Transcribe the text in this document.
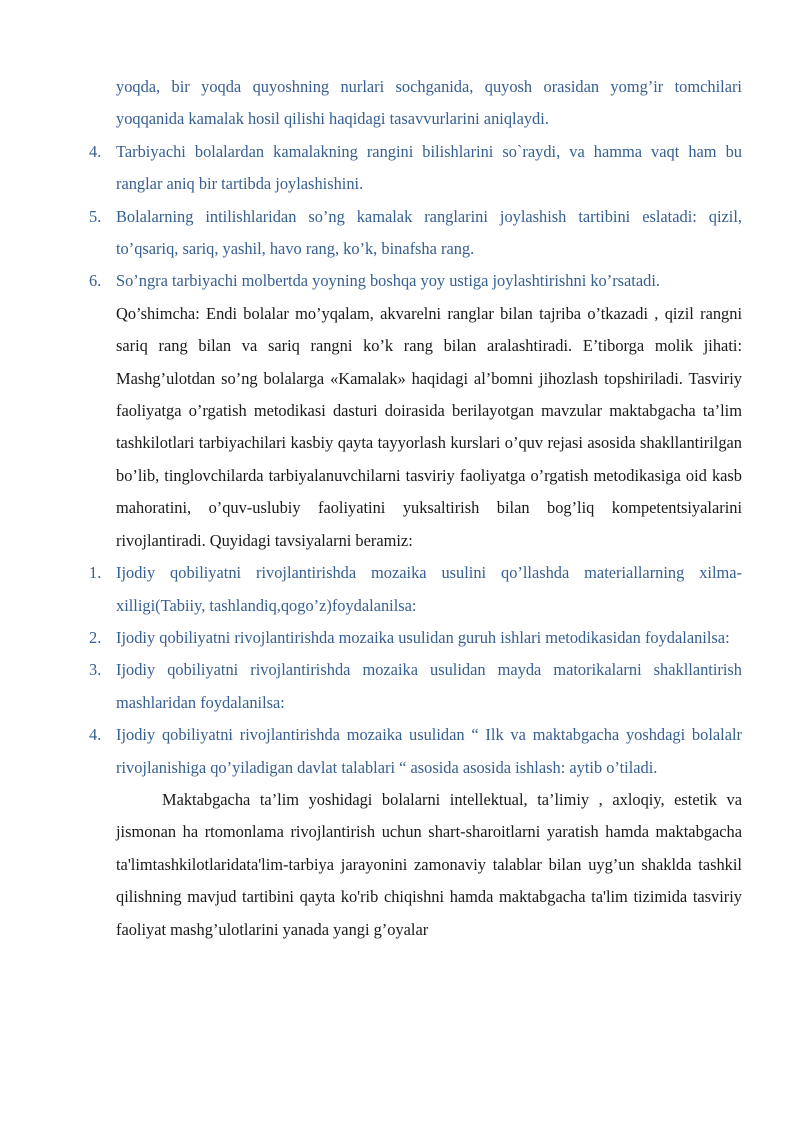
yoqda, bir yoqda quyoshning nurlari sochganida, quyosh orasidan yomg’ir tomchilari yoqqanida kamalak hosil qilishi haqidagi tasavvurlarini aniqlaydi.

4. Tarbiyachi bolalardan kamalakning rangini bilishlarini so`raydi, va hamma vaqt ham bu ranglar aniq bir tartibda joylashishini.

5. Bolalarning intilishlaridan so’ng kamalak ranglarini joylashish tartibini eslatadi: qizil, to’qsariq, sariq, yashil, havo rang, ko’k, binafsha rang.

6. So’ngra tarbiyachi molbertda yoyning boshqa yoy ustiga joylashtirishni ko’rsatadi.

Qo’shimcha: Endi bolalar mo’yqalam, akvarelni ranglar bilan tajriba o’tkazadi , qizil rangni sariq rang bilan va sariq rangni ko’k rang bilan aralashtiradi. E’tiborga molik jihati: Mashg’ulotdan so’ng bolalarga «Kamalak» haqidagi al’bomni jihozlash topshiriladi. Tasviriy faoliyatga o’rgatish metodikasi dasturi doirasida berilayotgan mavzular maktabgacha ta’lim tashkilotlari tarbiyachilari kasbiy qayta tayyorlash kurslari o’quv rejasi asosida shakllantirilgan bo’lib, tinglovchilarda tarbiyalanuvchilarni tasviriy faoliyatga o’rgatish metodikasiga oid kasb mahoratini, o’quv-uslubiy faoliyatini yuksaltirish bilan bog’liq kompetentsiyalarini rivojlantiradi. Quyidagi tavsiyalarni beramiz:

1. Ijodiy qobiliyatni rivojlantirishda mozaika usulini qo’llashda materiallarning xilma-xilligi(Tabiiy, tashlandiq,qogo’z)foydalanilsa:

2. Ijodiy qobiliyatni rivojlantirishda mozaika usulidan guruh ishlari metodikasidan foydalanilsa:

3. Ijodiy qobiliyatni rivojlantirishda mozaika usulidan mayda matorikalarni shakllantirish mashlaridan foydalanilsa:

4. Ijodiy qobiliyatni rivojlantirishda mozaika usulidan “ Ilk va maktabgacha yoshdagi bolalalr rivojlanishiga qo’yiladigan davlat talablari “ asosida asosida ishlash: aytib o’tiladi.

Maktabgacha ta’lim yoshidagi bolalarni intellektual, ta’limiy , axloqiy, estetik va jismonan ha rtomonlama rivojlantirish uchun shart-sharoitlarni yaratish hamda maktabgacha ta'limtashkilotlaridata'lim-tarbiya jarayonini zamonaviy talablar bilan uyg’un shaklda tashkil qilishning mavjud tartibini qayta ko'rib chiqishni hamda maktabgacha ta'lim tizimida tasviriy faoliyat mashg’ulotlarini yanada yangi g’oyalar
